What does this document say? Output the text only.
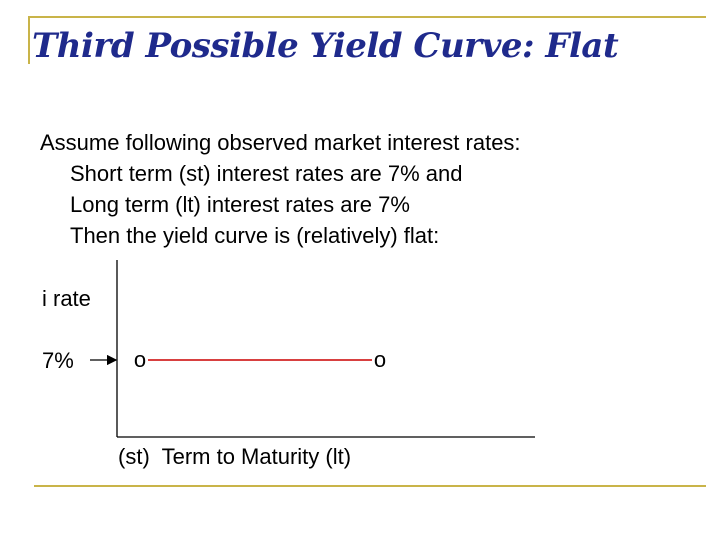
Third Possible Yield Curve: Flat

Assume following observed market interest rates:

Short term (st) interest rates are 7% and

Long term (lt) interest rates are 7%

Then the yield curve is (relatively) flat:

i rate
7%	o	o
(st)  Term to Maturity (lt)
